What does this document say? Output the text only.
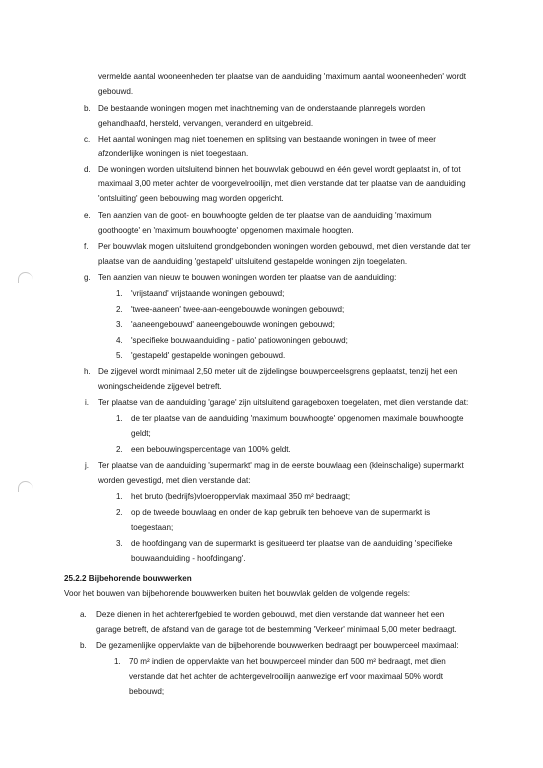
vermelde aantal wooneenheden ter plaatse van de aanduiding 'maximum aantal wooneenheden' wordt
gebouwd.
b. De bestaande woningen mogen met inachtneming van de onderstaande planregels worden
gehandhaafd, hersteld, vervangen, veranderd en uitgebreid.
c. Het aantal woningen mag niet toenemen en splitsing van bestaande woningen in twee of meer
afzonderlijke woningen is niet toegestaan.
d. De woningen worden uitsluitend binnen het bouwvlak gebouwd en één gevel wordt geplaatst in, of tot
maximaal 3,00 meter achter de voorgevelrooilijn, met dien verstande dat ter plaatse van de aanduiding
'ontsluiting' geen bebouwing mag worden opgericht.
e. Ten aanzien van de goot- en bouwhoogte gelden de ter plaatse van de aanduiding 'maximum
goothoogte' en 'maximum bouwhoogte' opgenomen maximale hoogten.
f. Per bouwvlak mogen uitsluitend grondgebonden woningen worden gebouwd, met dien verstande dat ter
plaatse van de aanduiding 'gestapeld' uitsluitend gestapelde woningen zijn toegelaten.
g. Ten aanzien van nieuw te bouwen woningen worden ter plaatse van de aanduiding:
1. 'vrijstaand' vrijstaande woningen gebouwd;
2. 'twee-aaneen' twee-aan-eengebouwde woningen gebouwd;
3. 'aaneengebouwd' aaneengebouwde woningen gebouwd;
4. 'specifieke bouwaanduiding - patio' patiowoningen gebouwd;
5. 'gestapeld' gestapelde woningen gebouwd.
h. De zijgevel wordt minimaal 2,50 meter uit de zijdelingse bouwperceelsgrens geplaatst, tenzij het een
woningscheidende zijgevel betreft.
i. Ter plaatse van de aanduiding 'garage' zijn uitsluitend garageboxen toegelaten, met dien verstande dat:
1. de ter plaatse van de aanduiding 'maximum bouwhoogte' opgenomen maximale bouwhoogte
geldt;
2. een bebouwingspercentage van 100% geldt.
j. Ter plaatse van de aanduiding 'supermarkt' mag in de eerste bouwlaag een (kleinschalige) supermarkt
worden gevestigd, met dien verstande dat:
1. het bruto (bedrijfs)vloeroppervlak maximaal 350 m² bedraagt;
2. op de tweede bouwlaag en onder de kap gebruik ten behoeve van de supermarkt is
toegestaan;
3. de hoofdingang van de supermarkt is gesitueerd ter plaatse van de aanduiding 'specifieke
bouwaanduiding - hoofdingang'.
25.2.2 Bijbehorende bouwwerken
Voor het bouwen van bijbehorende bouwwerken buiten het bouwvlak gelden de volgende regels:
a. Deze dienen in het achtererfgebied te worden gebouwd, met dien verstande dat wanneer het een
garage betreft, de afstand van de garage tot de bestemming 'Verkeer' minimaal 5,00 meter bedraagt.
b. De gezamenlijke oppervlakte van de bijbehorende bouwwerken bedraagt per bouwperceel maximaal:
1. 70 m² indien de oppervlakte van het bouwperceel minder dan 500 m² bedraagt, met dien
verstande dat het achter de achtergevelrooilijn aanwezige erf voor maximaal 50% wordt
bebouwd;
